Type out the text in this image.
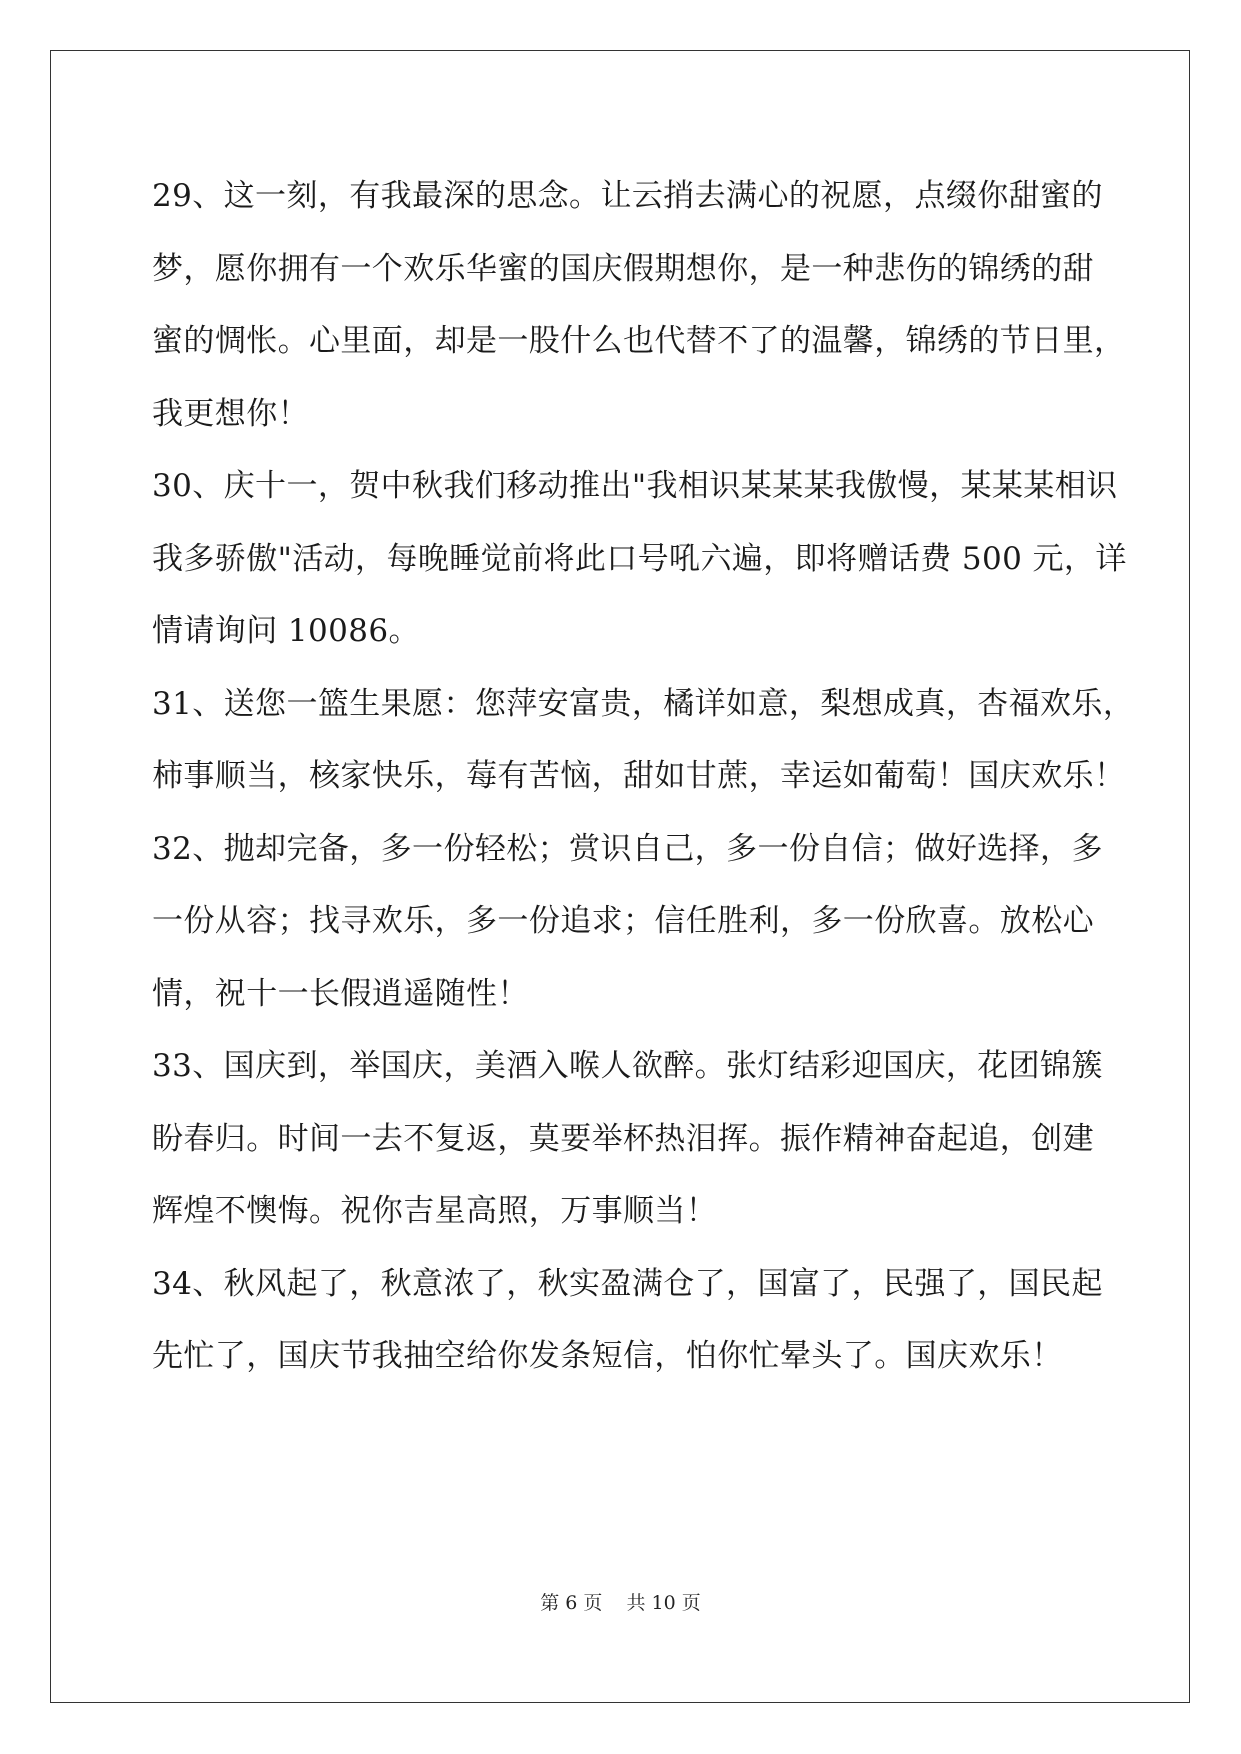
29、这一刻，有我最深的思念。让云捎去满心的祝愿，点缀你甜蜜的
梦，愿你拥有一个欢乐华蜜的国庆假期想你，是一种悲伤的锦绣的甜
蜜的惆怅。心里面，却是一股什么也代替不了的温馨，锦绣的节日里，
我更想你！
30、庆十一，贺中秋我们移动推出"我相识某某某我傲慢，某某某相识
我多骄傲"活动，每晚睡觉前将此口号吼六遍，即将赠话费 500 元，详
情请询问 10086。
31、送您一篮生果愿：您萍安富贵，橘详如意，梨想成真，杏福欢乐，
柿事顺当，核家快乐，莓有苦恼，甜如甘蔗，幸运如葡萄！国庆欢乐！
32、抛却完备，多一份轻松；赏识自己，多一份自信；做好选择，多
一份从容；找寻欢乐，多一份追求；信任胜利，多一份欣喜。放松心
情，祝十一长假逍遥随性！
33、国庆到，举国庆，美酒入喉人欲醉。张灯结彩迎国庆，花团锦簇
盼春归。时间一去不复返，莫要举杯热泪挥。振作精神奋起追，创建
辉煌不懊悔。祝你吉星高照，万事顺当！
34、秋风起了，秋意浓了，秋实盈满仓了，国富了，民强了，国民起
先忙了，国庆节我抽空给你发条短信，怕你忙晕头了。国庆欢乐！
第 6 页 共 10 页
